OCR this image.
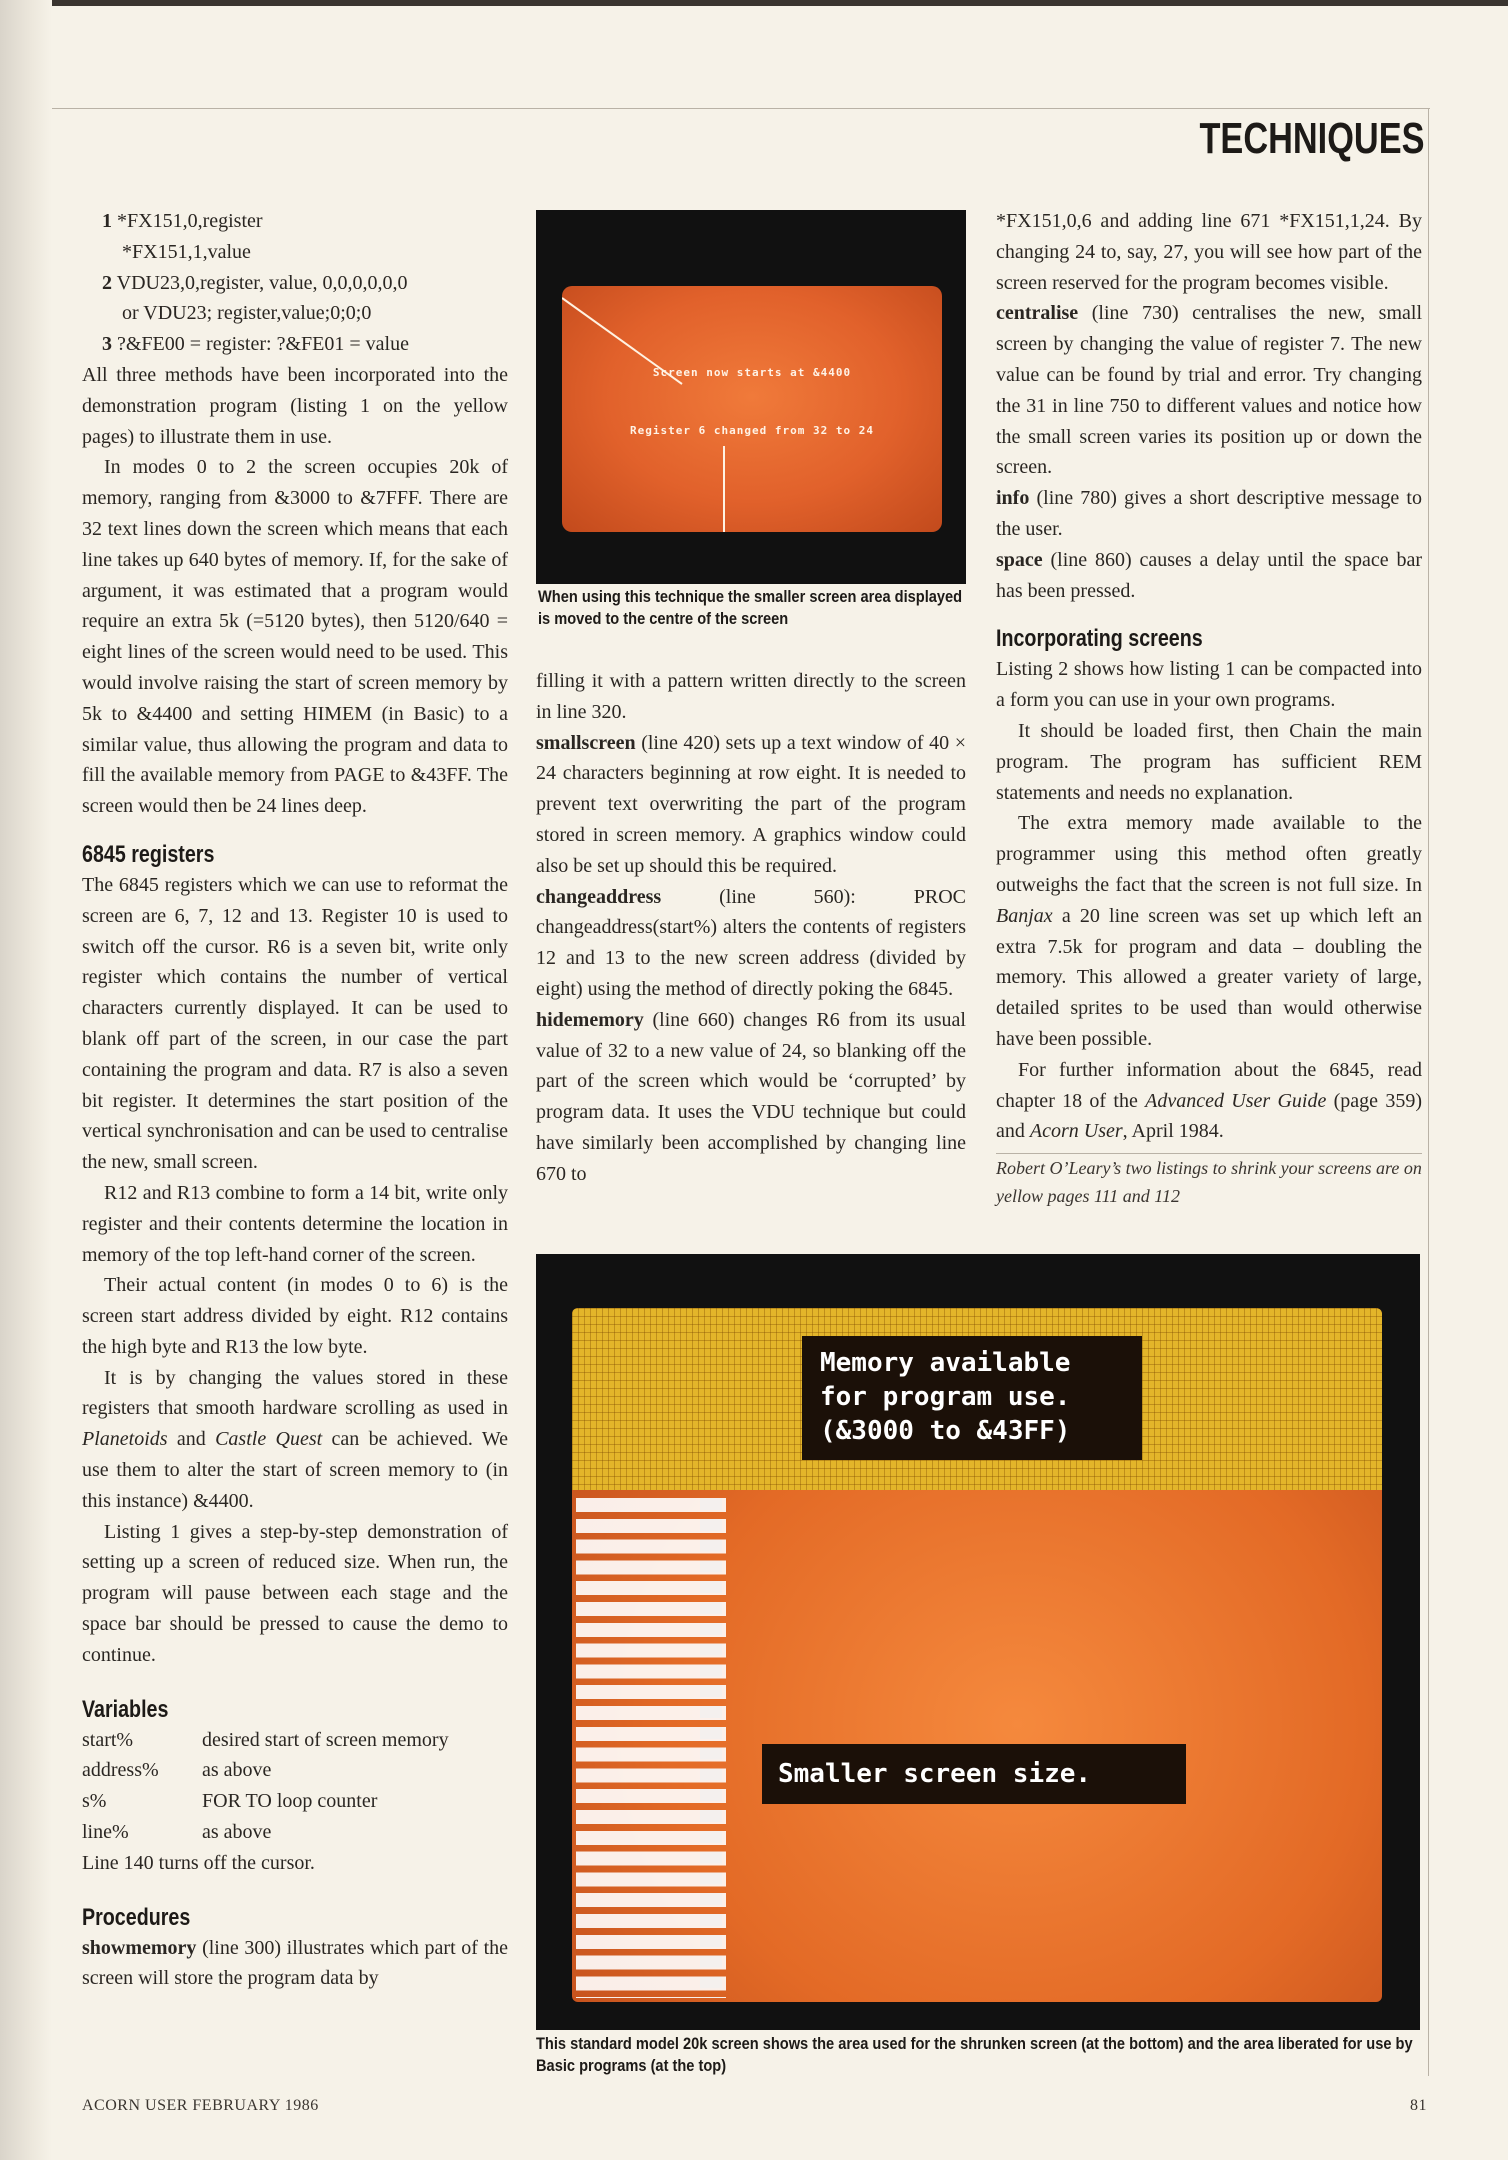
TECHNIQUES
1 *FX151,0,register
*FX151,1,value
2 VDU23,0,register, value, 0,0,0,0,0,0
or VDU23; register,value;0;0;0
3 ?&FE00 = register: ?&FE01 = value

All three methods have been incorporated into the demonstration program (listing 1 on the yellow pages) to illustrate them in use.

In modes 0 to 2 the screen occupies 20k of memory, ranging from &3000 to &7FFF. There are 32 text lines down the screen which means that each line takes up 640 bytes of memory. If, for the sake of argument, it was estimated that a program would require an extra 5k (=5120 bytes), then 5120/640 = eight lines of the screen would need to be used. This would involve raising the start of screen memory by 5k to &4400 and setting HIMEM (in Basic) to a similar value, thus allowing the program and data to fill the available memory from PAGE to &43FF. The screen would then be 24 lines deep.

6845 registers

The 6845 registers which we can use to reformat the screen are 6, 7, 12 and 13. Register 10 is used to switch off the cursor. R6 is a seven bit, write only register which contains the number of vertical characters currently displayed. It can be used to blank off part of the screen, in our case the part containing the program and data. R7 is also a seven bit register. It determines the start position of the vertical synchronisation and can be used to centralise the new, small screen.

R12 and R13 combine to form a 14 bit, write only register and their contents determine the location in memory of the top left-hand corner of the screen.

Their actual content (in modes 0 to 6) is the screen start address divided by eight. R12 contains the high byte and R13 the low byte.

It is by changing the values stored in these registers that smooth hardware scrolling as used in Planetoids and Castle Quest can be achieved. We use them to alter the start of screen memory to (in this instance) &4400.

Listing 1 gives a step-by-step demonstration of setting up a screen of reduced size. When run, the program will pause between each stage and the space bar should be pressed to cause the demo to continue.

Variables
start%	desired start of screen memory
address%	as above
s%	FOR TO loop counter
line%	as above

Line 140 turns off the cursor.

Procedures

showmemory (line 300) illustrates which part of the screen will store the program data by

Screen now starts at &4400
Register 6 changed from 32 to 24
When using this technique the smaller screen area displayed is moved to the centre of the screen

filling it with a pattern written directly to the screen in line 320.

smallscreen (line 420) sets up a text window of 40 × 24 characters beginning at row eight. It is needed to prevent text overwriting the part of the program stored in screen memory. A graphics window could also be set up should this be required.

changeaddress (line 560): PROC changeaddress(start%) alters the contents of registers 12 and 13 to the new screen address (divided by eight) using the method of directly poking the 6845.

hidememory (line 660) changes R6 from its usual value of 32 to a new value of 24, so blanking off the part of the screen which would be ‘corrupted’ by program data. It uses the VDU technique but could have similarly been accomplished by changing line 670 to

*FX151,0,6 and adding line 671 *FX151,1,24. By changing 24 to, say, 27, you will see how part of the screen reserved for the program becomes visible.

centralise (line 730) centralises the new, small screen by changing the value of register 7. The new value can be found by trial and error. Try changing the 31 in line 750 to different values and notice how the small screen varies its position up or down the screen.

info (line 780) gives a short descriptive message to the user.

space (line 860) causes a delay until the space bar has been pressed.

Incorporating screens

Listing 2 shows how listing 1 can be compacted into a form you can use in your own programs.

It should be loaded first, then Chain the main program. The program has sufficient REM statements and needs no explanation.

The extra memory made available to the programmer using this method often greatly outweighs the fact that the screen is not full size. In Banjax a 20 line screen was set up which left an extra 7.5k for program and data – doubling the memory. This allowed a greater variety of large, detailed sprites to be used than would otherwise have been possible.

For further information about the 6845, read chapter 18 of the Advanced User Guide (page 359) and Acorn User, April 1984.

Robert O’Leary’s two listings to shrink your screens are on yellow pages 111 and 112
Memory available
for program use.
(&3000 to &43FF)
Smaller screen size.
This standard model 20k screen shows the area used for the shrunken screen (at the bottom) and the area liberated for use by Basic programs (at the top)
ACORN USER FEBRUARY 1986	81
